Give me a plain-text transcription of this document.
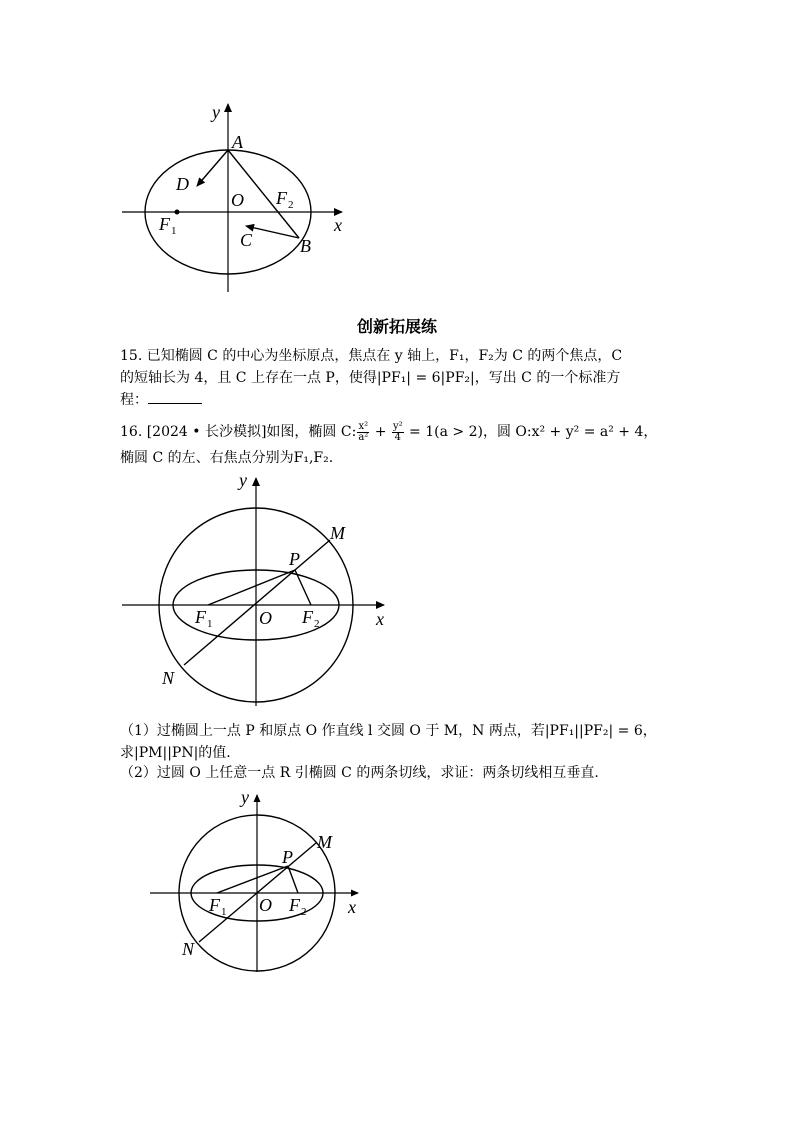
y
A
D
O F 2
F 1	C	B
x
创新拓展练
15. 已知椭圆 C 的中心为坐标原点，焦点在 y 轴上，F₁，F₂为 C 的两个焦点，C
的短轴长为 4，且 C 上存在一点 P，使得|PF₁| = 6|PF₂|，写出 C 的一个标准方
程：
16. [2024 • 长沙模拟]如图，椭圆 C: $\frac{\text{x²}}{\text{a²}} + \frac{\text{y²}}{4} = 1(a > 2)$，圆 O:x² + y² = a² + 4，
椭圆 C 的左、右焦点分别为F₁,F₂.
y
M
P
F 1	O F 2	x
N
（1）过椭圆上一点 P 和原点 O 作直线 l 交圆 O 于 M，N 两点，若|PF₁||PF₂| = 6，
求|PM||PN|的值.
（2）过圆 O 上任意一点 R 引椭圆 C 的两条切线，求证：两条切线相互垂直.
y
M
P
F 1 O F 2 x
N
